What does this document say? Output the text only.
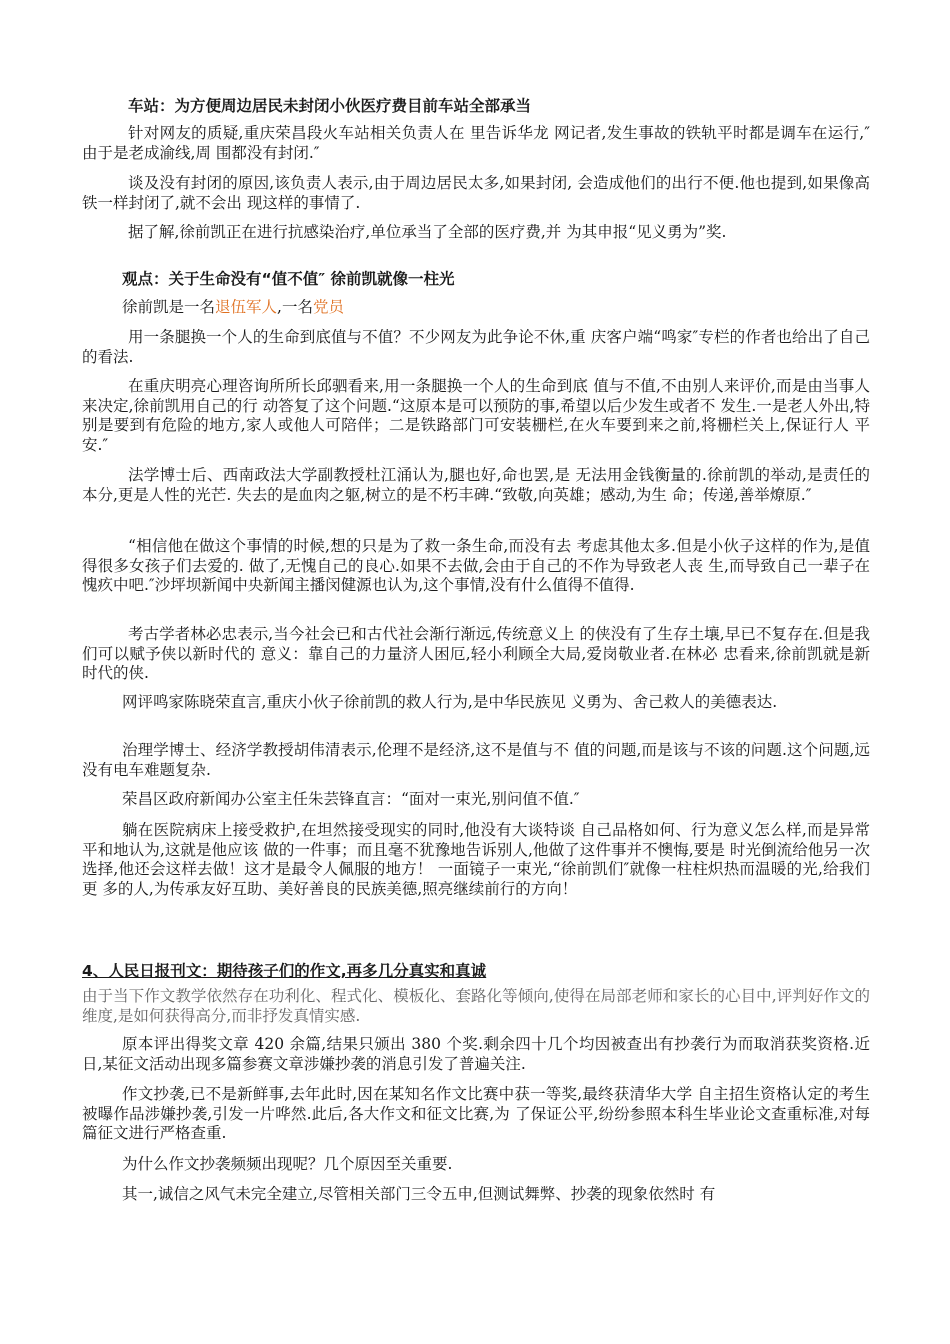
车站：为方便周边居民未封闭小伙医疗费目前车站全部承当

针对网友的质疑,重庆荣昌段火车站相关负责人在 里告诉华龙 网记者,发生事故的铁轨平时都是调车在运行,″ 由于是老成渝线,周 围都没有封闭.″

谈及没有封闭的原因,该负责人表示,由于周边居民太多,如果封闭, 会造成他们的出行不便.他也提到,如果像高铁一样封闭了,就不会出 现这样的事情了.

据了解,徐前凯正在进行抗感染治疗,单位承当了全部的医疗费,并 为其申报“见义勇为”奖.

观点：关于生命没有“值不值″ 徐前凯就像一柱光

徐前凯是一名退伍军人,一名党员

用一条腿换一个人的生命到底值与不值？不少网友为此争论不休,重 庆客户端“鸣家″专栏的作者也给出了自己的看法.

在重庆明亮心理咨询所所长邱驷看来,用一条腿换一个人的生命到底 值与不值,不由别人来评价,而是由当事人来决定,徐前凯用自己的行 动答复了这个问题.“这原本是可以预防的事,希望以后少发生或者不 发生.一是老人外出,特别是要到有危险的地方,家人或他人可陪伴；二是铁路部门可安装栅栏,在火车要到来之前,将栅栏关上,保证行人 平安.″

法学博士后、西南政法大学副教授杜江涌认为,腿也好,命也罢,是 无法用金钱衡量的.徐前凯的举动,是责任的本分,更是人性的光芒. 失去的是血肉之躯,树立的是不朽丰碑.“致敬,向英雄；感动,为生 命；传递,善举燎原.″

“相信他在做这个事情的时候,想的只是为了救一条生命,而没有去 考虑其他太多.但是小伙子这样的作为,是值得很多女孩子们去爱的. 做了,无愧自己的良心.如果不去做,会由于自己的不作为导致老人丧 生,而导致自己一辈子在愧疚中吧.″沙坪坝新闻中央新闻主播闵健源也认为,这个事情,没有什么值得不值得.

考古学者林必忠表示,当今社会已和古代社会渐行渐远,传统意义上 的侠没有了生存土壤,早已不复存在.但是我们可以赋予侠以新时代的 意义：靠自己的力量济人困厄,轻小利顾全大局,爱岗敬业者.在林必 忠看来,徐前凯就是新时代的侠.

网评鸣家陈晓荣直言,重庆小伙子徐前凯的救人行为,是中华民族见 义勇为、舍己救人的美德表达.

治理学博士、经济学教授胡伟清表示,伦理不是经济,这不是值与不 值的问题,而是该与不该的问题.这个问题,远没有电车难题复杂.

荣昌区政府新闻办公室主任朱芸锋直言：“面对一束光,别问值不值.″

躺在医院病床上接受救护,在坦然接受现实的同时,他没有大谈特谈 自己品格如何、行为意义怎么样,而是异常平和地认为,这就是他应该 做的一件事；而且毫不犹豫地告诉别人,他做了这件事并不懊悔,要是 时光倒流给他另一次选择,他还会这样去做！这才是最令人佩服的地方！ 一面镜子一束光,“徐前凯们″就像一柱柱炽热而温暖的光,给我们更 多的人,为传承友好互助、美好善良的民族美德,照亮继续前行的方向！

4、人民日报刊文：期待孩子们的作文,再多几分真实和真诚

由于当下作文教学依然存在功利化、程式化、模板化、套路化等倾向,使得在局部老师和家长的心目中,评判好作文的维度,是如何获得高分,而非抒发真情实感.

原本评出得奖文章 420 余篇,结果只颁出 380 个奖.剩余四十几个均因被查出有抄袭行为而取消获奖资格.近日,某征文活动出现多篇参赛文章涉嫌抄袭的消息引发了普遍关注.

作文抄袭,已不是新鲜事,去年此时,因在某知名作文比赛中获一等奖,最终获清华大学 自主招生资格认定的考生被曝作品涉嫌抄袭,引发一片哗然.此后,各大作文和征文比赛,为 了保证公平,纷纷参照本科生毕业论文查重标准,对每篇征文进行严格查重.

为什么作文抄袭频频出现呢？几个原因至关重要.

其一,诚信之风气未完全建立,尽管相关部门三令五申,但测试舞弊、抄袭的现象依然时 有
